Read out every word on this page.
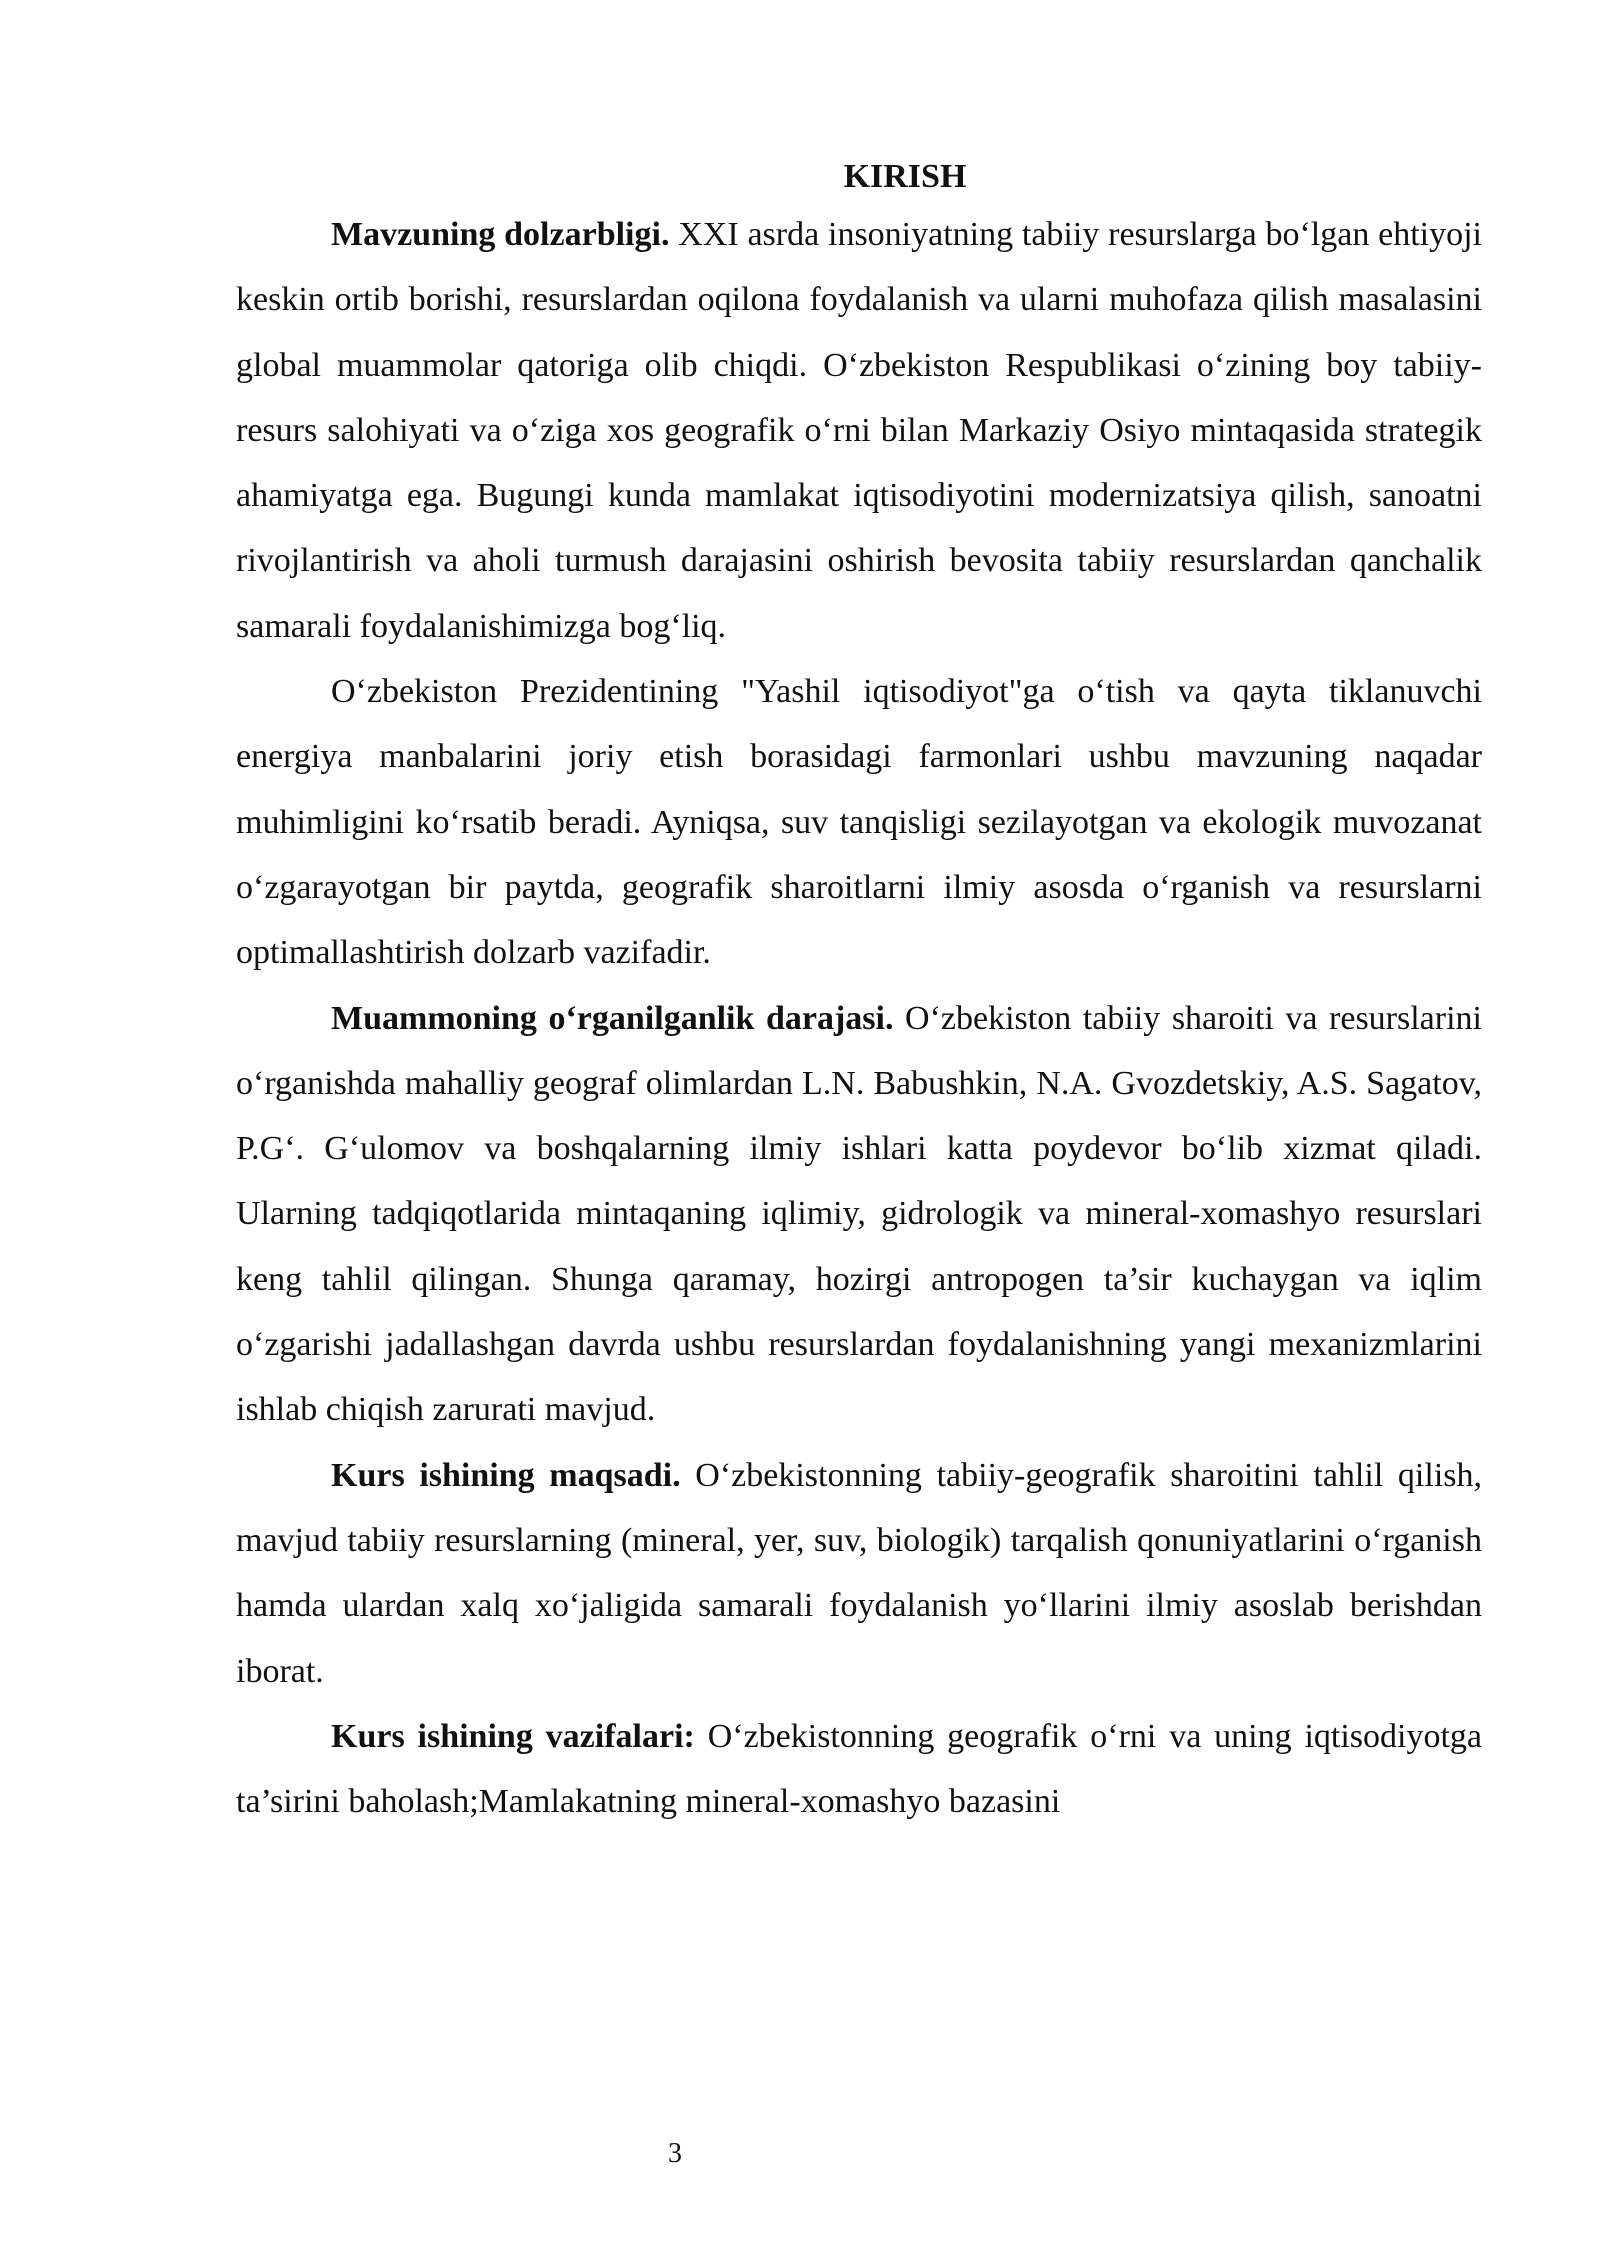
KIRISH

Mavzuning dolzarbligi. XXI asrda insoniyatning tabiiy resurslarga bo‘lgan ehtiyoji keskin ortib borishi, resurslardan oqilona foydalanish va ularni muhofaza qilish masalasini global muammolar qatoriga olib chiqdi. O‘zbekiston Respublikasi o‘zining boy tabiiy-resurs salohiyati va o‘ziga xos geografik o‘rni bilan Markaziy Osiyo mintaqasida strategik ahamiyatga ega. Bugungi kunda mamlakat iqtisodiyotini modernizatsiya qilish, sanoatni rivojlantirish va aholi turmush darajasini oshirish bevosita tabiiy resurslardan qanchalik samarali foydalanishimizga bog‘liq.

O‘zbekiston Prezidentining "Yashil iqtisodiyot"ga o‘tish va qayta tiklanuvchi energiya manbalarini joriy etish borasidagi farmonlari ushbu mavzuning naqadar muhimligini ko‘rsatib beradi. Ayniqsa, suv tanqisligi sezilayotgan va ekologik muvozanat o‘zgarayotgan bir paytda, geografik sharoitlarni ilmiy asosda o‘rganish va resurslarni optimallashtirish dolzarb vazifadir.

Muammoning o‘rganilganlik darajasi. O‘zbekiston tabiiy sharoiti va resurslarini o‘rganishda mahalliy geograf olimlardan L.N. Babushkin, N.A. Gvozdetskiy, A.S. Sagatov, P.G‘. G‘ulomov va boshqalarning ilmiy ishlari katta poydevor bo‘lib xizmat qiladi. Ularning tadqiqotlarida mintaqaning iqlimiy, gidrologik va mineral-xomashyo resurslari keng tahlil qilingan. Shunga qaramay, hozirgi antropogen ta’sir kuchaygan va iqlim o‘zgarishi jadallashgan davrda ushbu resurslardan foydalanishning yangi mexanizmlarini ishlab chiqish zarurati mavjud.

Kurs ishining maqsadi. O‘zbekistonning tabiiy-geografik sharoitini tahlil qilish, mavjud tabiiy resurslarning (mineral, yer, suv, biologik) tarqalish qonuniyatlarini o‘rganish hamda ulardan xalq xo‘jaligida samarali foydalanish yo‘llarini ilmiy asoslab berishdan iborat.

Kurs ishining vazifalari: O‘zbekistonning geografik o‘rni va uning iqtisodiyotga ta’sirini baholash;Mamlakatning mineral-xomashyo bazasini

3
